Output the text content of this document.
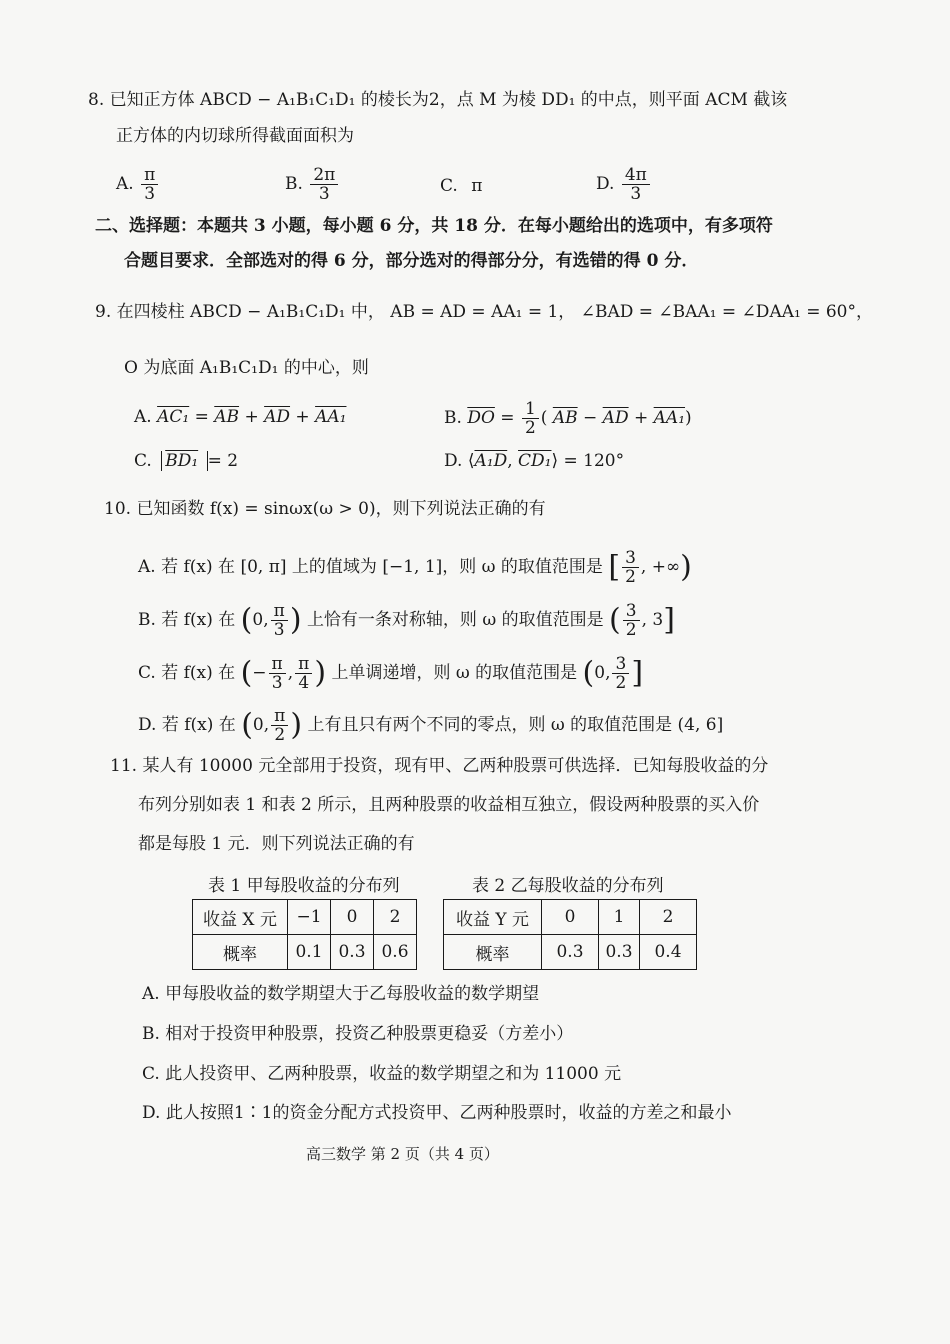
8. 已知正方体 ABCD − A₁B₁C₁D₁ 的棱长为2，点 M 为棱 DD₁ 的中点，则平面 ACM 截该
正方体的内切球所得截面面积为
A. $\frac{\pi}{3}$	B. $\frac{2\pi}{3}$	C. π	D. $\frac{4\pi}{3}$
二、选择题：本题共 3 小题，每小题 6 分，共 18 分．在每小题给出的选项中，有多项符
合题目要求．全部选对的得 6 分，部分选对的得部分分，有选错的得 0 分．
9. 在四棱柱 ABCD − A₁B₁C₁D₁ 中， AB = AD = AA₁ = 1， ∠BAD = ∠BAA₁ = ∠DAA₁ = 60°，
O 为底面 A₁B₁C₁D₁ 的中心，则
A. $AC_1 = \overline{AB} + \overline{AD} + AA_1$	B. $\overline{DO} = \frac{1}{2}$ ( $\overline{AB} - \overline{AD} + AA_1$)
C. BD₁ = 2	D. ⟨A₁D, CD₁⟩ = 120°
10. 已知函数 f(x) = sinωx(ω > 0)，则下列说法正确的有
A. 若 f(x) 在 [0, π] 上的值域为 [−1, 1]，则 ω 的取值范围是 [ $\frac{3}{2}$ , +∞)
B. 若 f(x) 在 (0, $\frac{\pi}{3}$ ) 上恰有一条对称轴，则 ω 的取值范围是 ( $\frac{3}{2}$ , 3]
C. 若 f(x) 在 (− $\frac{\pi}{3}$ , $\frac{\pi}{4}$ ) 上单调递增，则 ω 的取值范围是 (0, $\frac{3}{2}$ ]
D. 若 f(x) 在 (0, $\frac{\pi}{2}$ ) 上有且只有两个不同的零点，则 ω 的取值范围是 (4, 6]
11. 某人有 10000 元全部用于投资，现有甲、乙两种股票可供选择．已知每股收益的分
布列分别如表 1 和表 2 所示，且两种股票的收益相互独立，假设两种股票的买入价
都是每股 1 元．则下列说法正确的有
表 1 甲每股收益的分布列	表 2 乙每股收益的分布列
收益 X 元	−1	0	2
概率	0.1	0.3	0.6
收益 Y 元	0	1	2
概率	0.3	0.3	0.4
A. 甲每股收益的数学期望大于乙每股收益的数学期望
B. 相对于投资甲种股票，投资乙种股票更稳妥（方差小）
C. 此人投资甲、乙两种股票，收益的数学期望之和为 11000 元
D. 此人按照1∶1的资金分配方式投资甲、乙两种股票时，收益的方差之和最小
高三数学 第 2 页（共 4 页）
